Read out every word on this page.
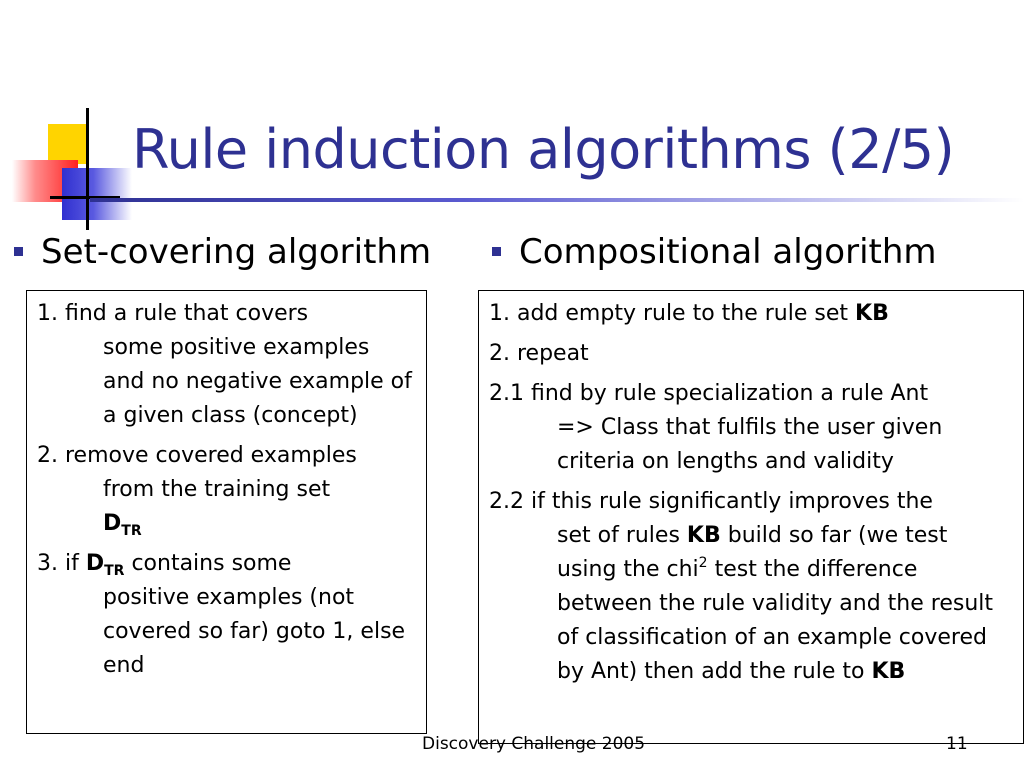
Rule induction algorithms (2/5)
Set-covering algorithm
1. find a rule that covers
some positive examples and no negative example of a given class (concept)
2. remove covered examples
from the training set
$D_{TR}$
3. if $D_{TR}$ contains some
positive examples (not covered so far) goto 1, else end
Compositional algorithm
1. add empty rule to the rule set KB
2. repeat
2.1 find by rule specialization a rule Ant
=> Class that fulfils the user given criteria on lengths and validity
2.2 if this rule significantly improves the
set of rules KB build so far (we test using the chi$^2$ test the difference between the rule validity and the result of classification of an example covered by Ant) then add the rule to KB
Discovery Challenge 2005	11
